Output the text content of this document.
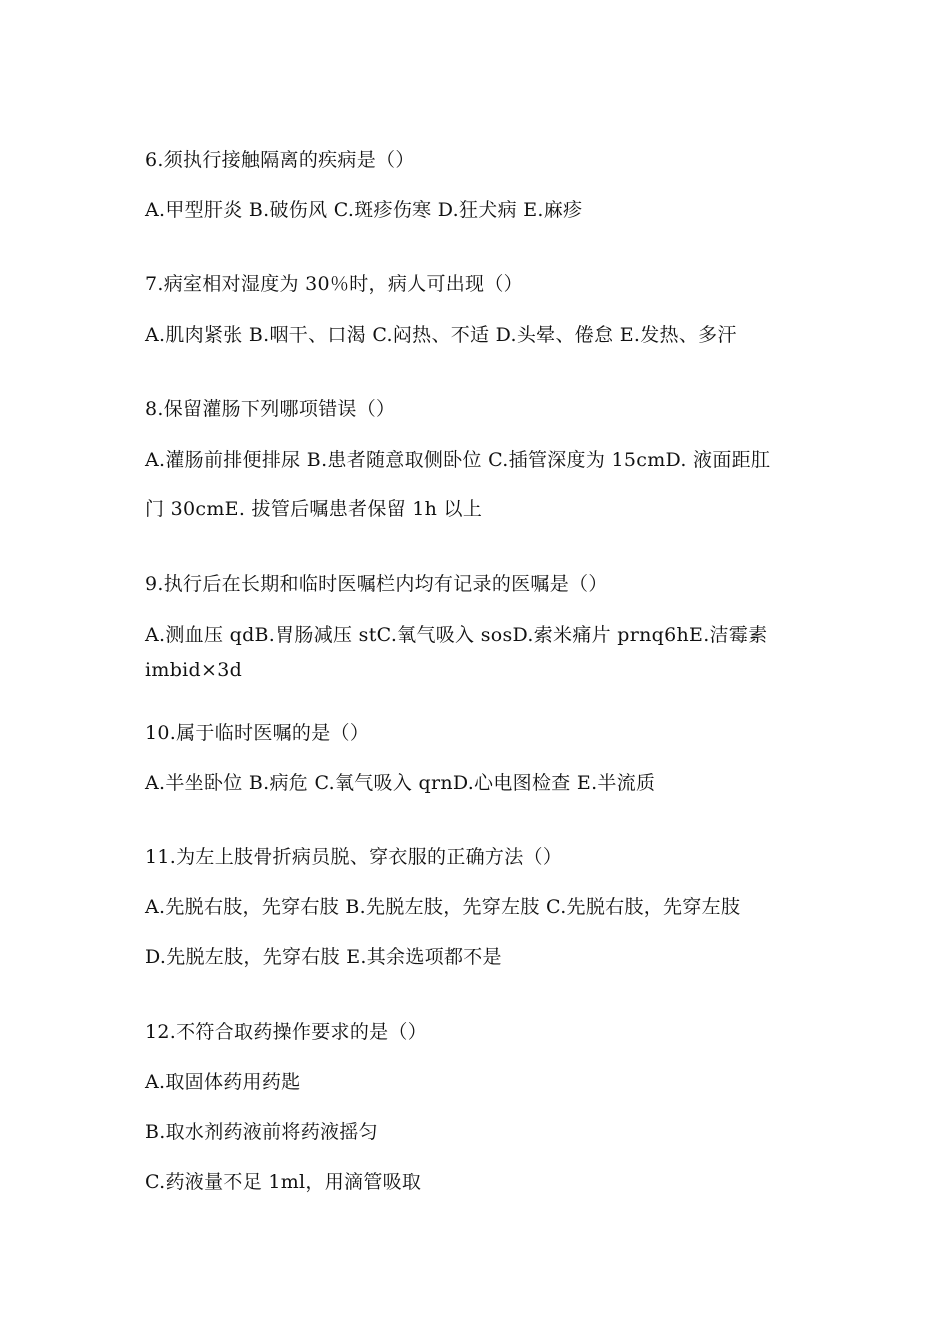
6.须执行接触隔离的疾病是（）
A.甲型肝炎 B.破伤风 C.斑疹伤寒 D.狂犬病 E.麻疹
7.病室相对湿度为 30％时，病人可出现（）
A.肌肉紧张 B.咽干、口渴 C.闷热、不适 D.头晕、倦怠 E.发热、多汗
8.保留灌肠下列哪项错误（）
A.灌肠前排便排尿 B.患者随意取侧卧位 C.插管深度为 15cmD. 液面距肛
门 30cmE. 拔管后嘱患者保留 1h 以上
9.执行后在长期和临时医嘱栏内均有记录的医嘱是（）
A.测血压 qdB.胃肠减压 stC.氧气吸入 sosD.索米痛片 prnq6hE.洁霉素
imbid×3d
10.属于临时医嘱的是（）
A.半坐卧位 B.病危 C.氧气吸入 qrnD.心电图检查 E.半流质
11.为左上肢骨折病员脱、穿衣服的正确方法（）
A.先脱右肢，先穿右肢 B.先脱左肢，先穿左肢 C.先脱右肢，先穿左肢
D.先脱左肢，先穿右肢 E.其余选项都不是
12.不符合取药操作要求的是（）
A.取固体药用药匙
B.取水剂药液前将药液摇匀
C.药液量不足 1ml，用滴管吸取
